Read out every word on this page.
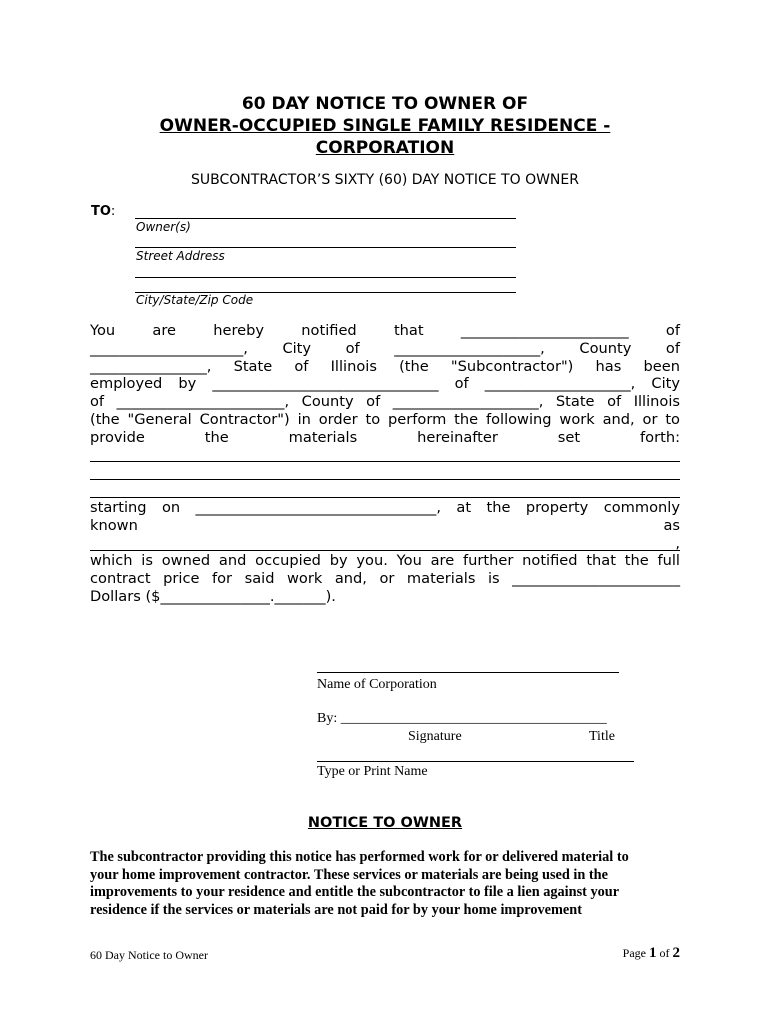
60 DAY NOTICE TO OWNER OF
OWNER-OCCUPIED SINGLE FAMILY RESIDENCE -
CORPORATION
SUBCONTRACTOR’S SIXTY (60) DAY NOTICE TO OWNER
TO:
Owner(s)
Street Address
City/State/Zip Code
You are hereby notified that _______________________ of
_____________________, City of ____________________, County of
________________, State of Illinois (the "Subcontractor") has been
employed by _______________________________ of ____________________, City
of _______________________, County of ____________________, State of Illinois
(the "General Contractor") in order to perform the following work and, or to
provide the materials hereinafter set forth:
starting on _________________________________, at the property commonly
known as
,
which is owned and occupied by you. You are further notified that the full
contract price for said work and, or materials is _______________________
Dollars ($_______________._______).
Name of Corporation
By: ______________________________________
Signature	Title
Type or Print Name
NOTICE TO OWNER
The subcontractor providing this notice has performed work for or delivered material to
your home improvement contractor. These services or materials are being used in the
improvements to your residence and entitle the subcontractor to file a lien against your
residence if the services or materials are not paid for by your home improvement
60 Day Notice to Owner	Page 1 of 2
